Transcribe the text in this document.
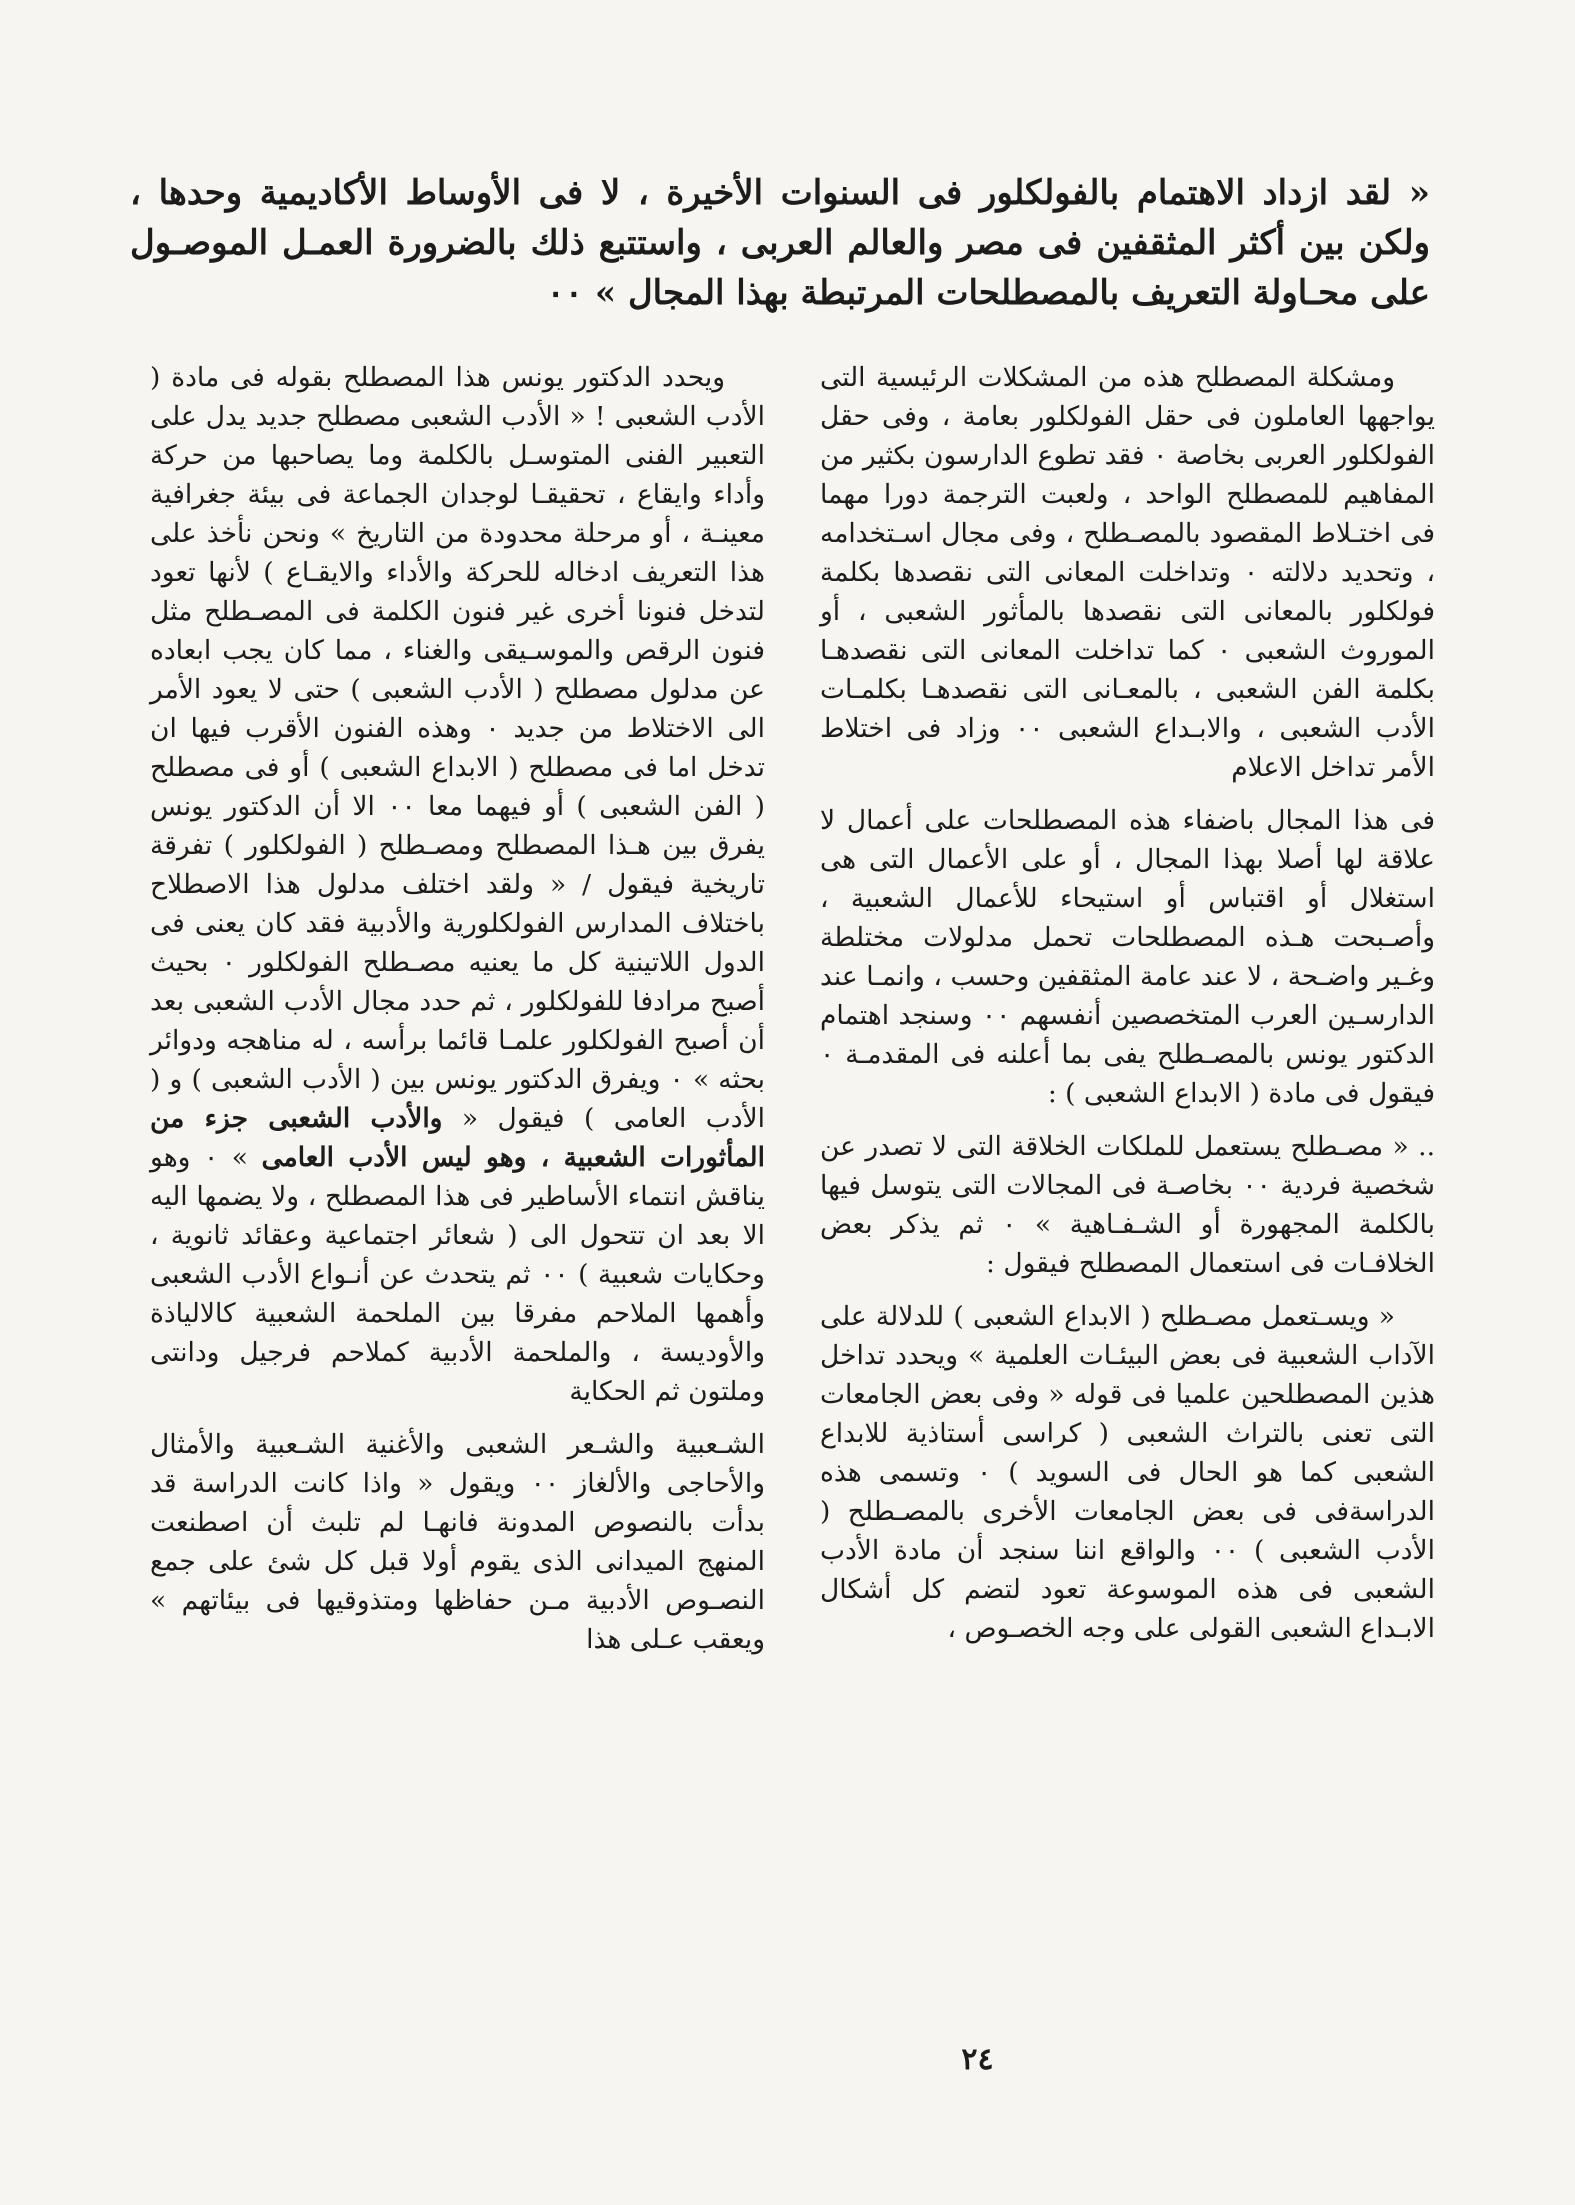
« لقد ازداد الاهتمام بالفولكلور فى السنوات الأخيرة ، لا فى الأوساط الأكاديمية وحدها ، ولكن بين أكثر المثقفين فى مصر والعالم العربى ، واستتبع ذلك بالضرورة العمـل الموصـول على محـاولة التعريف بالمصطلحات المرتبطة بهذا المجال » ٠٠

ومشكلة المصطلح هذه من المشكلات الرئيسية التى يواجهها العاملون فى حقل الفولكلور بعامة ، وفى حقل الفولكلور العربى بخاصة ٠ فقد تطوع الدارسون بكثير من المفاهيم للمصطلح الواحد ، ولعبت الترجمة دورا مهما فى اختـلاط المقصود بالمصـطلح ، وفى مجال اسـتخدامه ، وتحديد دلالته ٠ وتداخلت المعانى التى نقصدها بكلمة فولكلور بالمعانى التى نقصدها بالمأثور الشعبى ، أو الموروث الشعبى ٠ كما تداخلت المعانى التى نقصدهـا بكلمة الفن الشعبى ، بالمعـانى التى نقصدهـا بكلمـات الأدب الشعبى ، والابـداع الشعبى ٠٠ وزاد فى اختلاط الأمر تداخل الاعلام

فى هذا المجال باضفاء هذه المصطلحات على أعمال لا علاقة لها أصلا بهذا المجال ، أو على الأعمال التى هى استغلال أو اقتباس أو استيحاء للأعمال الشعبية ، وأصـبحت هـذه المصطلحات تحمل مدلولات مختلطة وغـير واضـحة ، لا عند عامة المثقفين وحسب ، وانمـا عند الدارسـين العرب المتخصصين أنفسهم ٠٠ وسنجد اهتمام الدكتور يونس بالمصـطلح يفى بما أعلنه فى المقدمـة ٠ فيقول فى مادة ( الابداع الشعبى ) :

.. « مصـطلح يستعمل للملكات الخلاقة التى لا تصدر عن شخصية فردية ٠٠ بخاصـة فى المجالات التى يتوسل فيها بالكلمة المجهورة أو الشـفـاهية » ٠ ثم يذكر بعض الخلافـات فى استعمال المصطلح فيقول :

« ويسـتعمل مصـطلح ( الابداع الشعبى ) للدلالة على الآداب الشعبية فى بعض البيئـات العلمية » ويحدد تداخل هذين المصطلحين علميا فى قوله « وفى بعض الجامعات التى تعنى بالتراث الشعبى ( كراسى أستاذية للابداع الشعبى كما هو الحال فى السويد ) ٠ وتسمى هذه الدراسةفى فى بعض الجامعات الأخرى بالمصـطلح ( الأدب الشعبى ) ٠٠ والواقع اننا سنجد أن مادة الأدب الشعبى فى هذه الموسوعة تعود لتضم كل أشكال الابـداع الشعبى القولى على وجه الخصـوص ،

ويحدد الدكتور يونس هذا المصطلح بقوله فى مادة ( الأدب الشعبى ! « الأدب الشعبى مصطلح جديد يدل على التعبير الفنى المتوسـل بالكلمة وما يصاحبها من حركة وأداء وايقاع ، تحقيقـا لوجدان الجماعة فى بيئة جغرافية معينـة ، أو مرحلة محدودة من التاريخ » ونحن نأخذ على هذا التعريف ادخاله للحركة والأداء والايقـاع ) لأنها تعود لتدخل فنونا أخرى غير فنون الكلمة فى المصـطلح مثل فنون الرقص والموسـيقى والغناء ، مما كان يجب ابعاده عن مدلول مصطلح ( الأدب الشعبى ) حتى لا يعود الأمر الى الاختلاط من جديد ٠ وهذه الفنون الأقرب فيها ان تدخل اما فى مصطلح ( الابداع الشعبى ) أو فى مصطلح ( الفن الشعبى ) أو فيهما معا ٠٠ الا أن الدكتور يونس يفرق بين هـذا المصطلح ومصـطلح ( الفولكلور ) تفرقة تاريخية فيقول / « ولقد اختلف مدلول هذا الاصطلاح باختلاف المدارس الفولكلورية والأدبية فقد كان يعنى فى الدول اللاتينية كل ما يعنيه مصـطلح الفولكلور ٠ بحيث أصبح مرادفا للفولكلور ، ثم حدد مجال الأدب الشعبى بعد أن أصبح الفولكلور علمـا قائما برأسه ، له مناهجه ودوائر بحثه » ٠ ويفرق الدكتور يونس بين ( الأدب الشعبى ) و ( الأدب العامى ) فيقول « والأدب الشعبى جزء من المأثورات الشعبية ، وهو ليس الأدب العامى » ٠ وهو يناقش انتماء الأساطير فى هذا المصطلح ، ولا يضمها اليه الا بعد ان تتحول الى ( شعائر اجتماعية وعقائد ثانوية ، وحكايات شعبية ) ٠٠ ثم يتحدث عن أنـواع الأدب الشعبى وأهمها الملاحم مفرقا بين الملحمة الشعبية كالالياذة والأوديسة ، والملحمة الأدبية كملاحم فرجيل ودانتى وملتون ثم الحكاية

الشـعبية والشـعر الشعبى والأغنية الشـعبية والأمثال والأحاجى والألغاز ٠٠ ويقول « واذا كانت الدراسة قد بدأت بالنصوص المدونة فانهـا لم تلبث أن اصطنعت المنهج الميدانى الذى يقوم أولا قبل كل شئ على جمع النصـوص الأدبية مـن حفاظها ومتذوقيها فى بيئاتهم » ويعقب عـلى هذا

٢٤
